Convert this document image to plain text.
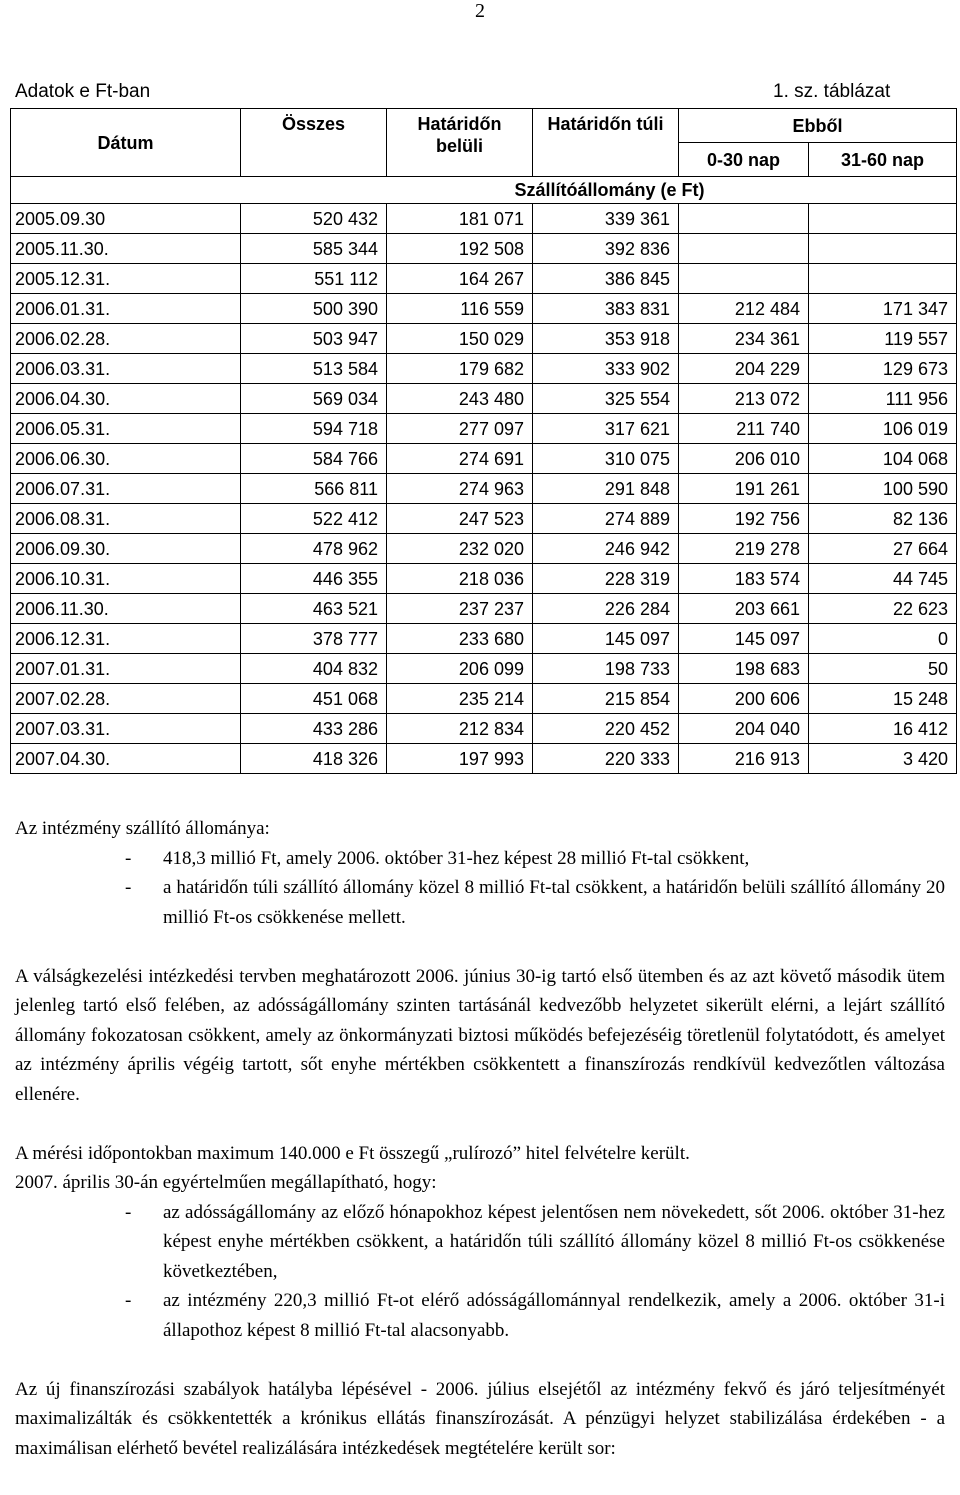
2
Adatok e Ft-ban	1. sz. táblázat
Dátum	Összes	Határidőn belüli	Határidőn túli	Ebből	
				0-30 nap	31-60 nap
Szállítóállomány (e Ft)					
2005.09.30	520 432	181 071	339 361		
2005.11.30.	585 344	192 508	392 836		
2005.12.31.	551 112	164 267	386 845		
2006.01.31.	500 390	116 559	383 831	212 484	171 347
2006.02.28.	503 947	150 029	353 918	234 361	119 557
2006.03.31.	513 584	179 682	333 902	204 229	129 673
2006.04.30.	569 034	243 480	325 554	213 072	111 956
2006.05.31.	594 718	277 097	317 621	211 740	106 019
2006.06.30.	584 766	274 691	310 075	206 010	104 068
2006.07.31.	566 811	274 963	291 848	191 261	100 590
2006.08.31.	522 412	247 523	274 889	192 756	82 136
2006.09.30.	478 962	232 020	246 942	219 278	27 664
2006.10.31.	446 355	218 036	228 319	183 574	44 745
2006.11.30.	463 521	237 237	226 284	203 661	22 623
2006.12.31.	378 777	233 680	145 097	145 097	0
2007.01.31.	404 832	206 099	198 733	198 683	50
2007.02.28.	451 068	235 214	215 854	200 606	15 248
2007.03.31.	433 286	212 834	220 452	204 040	16 412
2007.04.30.	418 326	197 993	220 333	216 913	3 420
Az intézmény szállító állománya:
- 418,3 millió Ft, amely 2006. október 31-hez képest 28 millió Ft-tal csökkent,
- a határidőn túli szállító állomány közel 8 millió Ft-tal csökkent, a határidőn belüli szállító állomány 20 millió Ft-os csökkenése mellett.
A válságkezelési intézkedési tervben meghatározott 2006. június 30-ig tartó első ütemben és az azt követő második ütem jelenleg tartó első felében, az adósságállomány szinten tartásánál kedvezőbb helyzetet sikerült elérni, a lejárt szállító állomány fokozatosan csökkent, amely az önkormányzati biztosi működés befejezéséig töretlenül folytatódott, és amelyet az intézmény április végéig tartott, sőt enyhe mértékben csökkentett a finanszírozás rendkívül kedvezőtlen változása ellenére.
A mérési időpontokban maximum 140.000 e Ft összegű „rulírozó” hitel felvételre került.
2007. április 30-án egyértelműen megállapítható, hogy:
- az adósságállomány az előző hónapokhoz képest jelentősen nem növekedett, sőt 2006. október 31-hez képest enyhe mértékben csökkent, a határidőn túli szállító állomány közel 8 millió Ft-os csökkenése következtében,
- az intézmény 220,3 millió Ft-ot elérő adósságállománnyal rendelkezik, amely a 2006. október 31-i állapothoz képest 8 millió Ft-tal alacsonyabb.
Az új finanszírozási szabályok hatályba lépésével - 2006. július elsejétől az intézmény fekvő és járó teljesítményét maximalizálták és csökkentették a krónikus ellátás finanszírozását. A pénzügyi helyzet stabilizálása érdekében - a maximálisan elérhető bevétel realizálására intézkedések megtételére került sor:
